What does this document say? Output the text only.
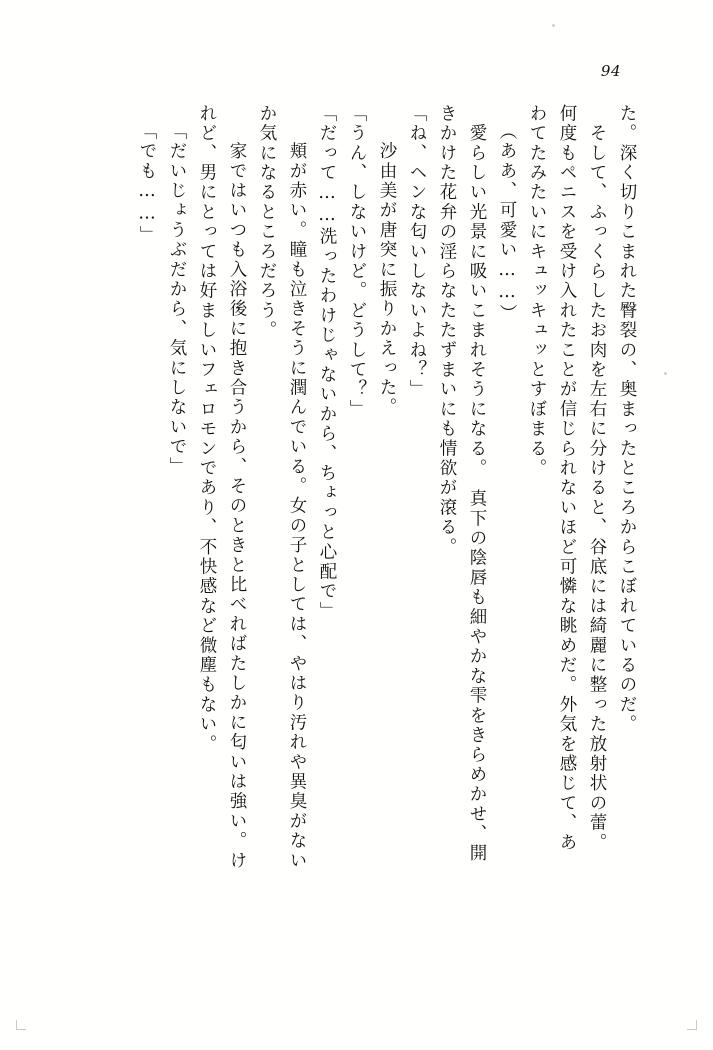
94
た。深く切りこまれた臀裂の、奥まったところからこぼれているのだ。
　そして、ふっくらしたお肉を左右に分けると、谷底には綺麗に整った放射状の蕾。
何度もペニスを受け入れたことが信じられないほど可憐な眺めだ。外気を感じて、あ
わてたみたいにキュッキュッとすぼまる。
（ああ、可愛い……）
　愛らしい光景に吸いこまれそうになる。　真下の陰唇も細やかな雫をきらめかせ、開
きかけた花弁の淫らなたたずまいにも情欲が滾る。
「ね、ヘンな匂いしないよね？」
　沙由美が唐突に振りかえった。
「うん、しないけど。どうして？」
「だって……洗ったわけじゃないから、ちょっと心配で」
　頬が赤い。瞳も泣きそうに潤んでいる。女の子としては、やはり汚れや異臭がない
か気になるところだろう。
　家ではいつも入浴後に抱き合うから、そのときと比べればたしかに匂いは強い。け
れど、男にとっては好ましいフェロモンであり、不快感など微塵もない。
「だいじょうぶだから、気にしないで」
「でも……」
